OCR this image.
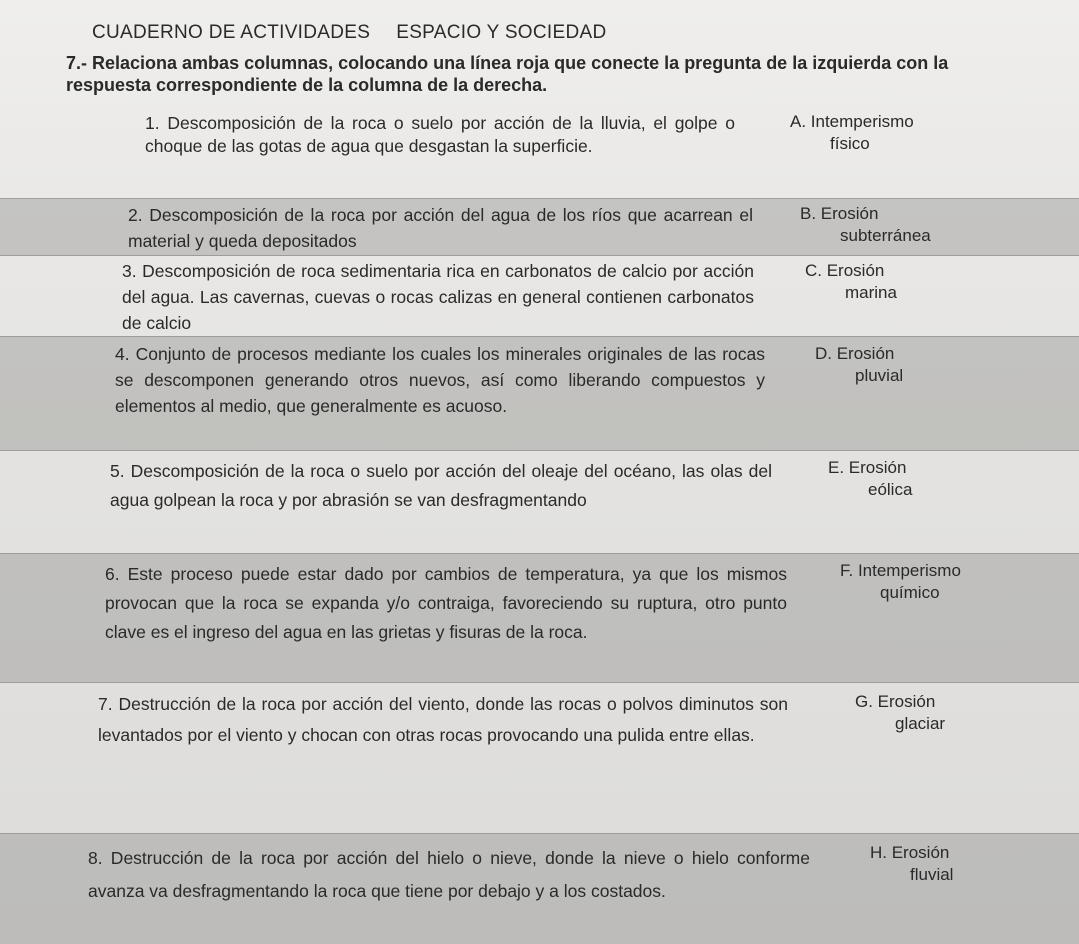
CUADERNO DE ACTIVIDADES ESPACIO Y SOCIEDAD
7.- Relaciona ambas columnas, colocando una línea roja que conecte la pregunta de la izquierda con la respuesta correspondiente de la columna de la derecha.
1. Descomposición de la roca o suelo por acción de la lluvia, el golpe o choque de las gotas de agua que desgastan la superficie.
A. Intemperismo
físico
2. Descomposición de la roca por acción del agua de los ríos que acarrean el material y queda depositados
B. Erosión
subterránea
3. Descomposición de roca sedimentaria rica en carbonatos de calcio por acción del agua. Las cavernas, cuevas o rocas calizas en general contienen carbonatos de calcio
C. Erosión
marina
4. Conjunto de procesos mediante los cuales los minerales originales de las rocas se descomponen generando otros nuevos, así como liberando compuestos y elementos al medio, que generalmente es acuoso.
D. Erosión
pluvial
5. Descomposición de la roca o suelo por acción del oleaje del océano, las olas del agua golpean la roca y por abrasión se van desfragmentando
E. Erosión
eólica
6. Este proceso puede estar dado por cambios de temperatura, ya que los mismos provocan que la roca se expanda y/o contraiga, favoreciendo su ruptura, otro punto clave es el ingreso del agua en las grietas y fisuras de la roca.
F. Intemperismo
químico
7. Destrucción de la roca por acción del viento, donde las rocas o polvos diminutos son levantados por el viento y chocan con otras rocas provocando una pulida entre ellas.
G. Erosión
glaciar
8. Destrucción de la roca por acción del hielo o nieve, donde la nieve o hielo conforme avanza va desfragmentando la roca que tiene por debajo y a los costados.
H. Erosión
fluvial
